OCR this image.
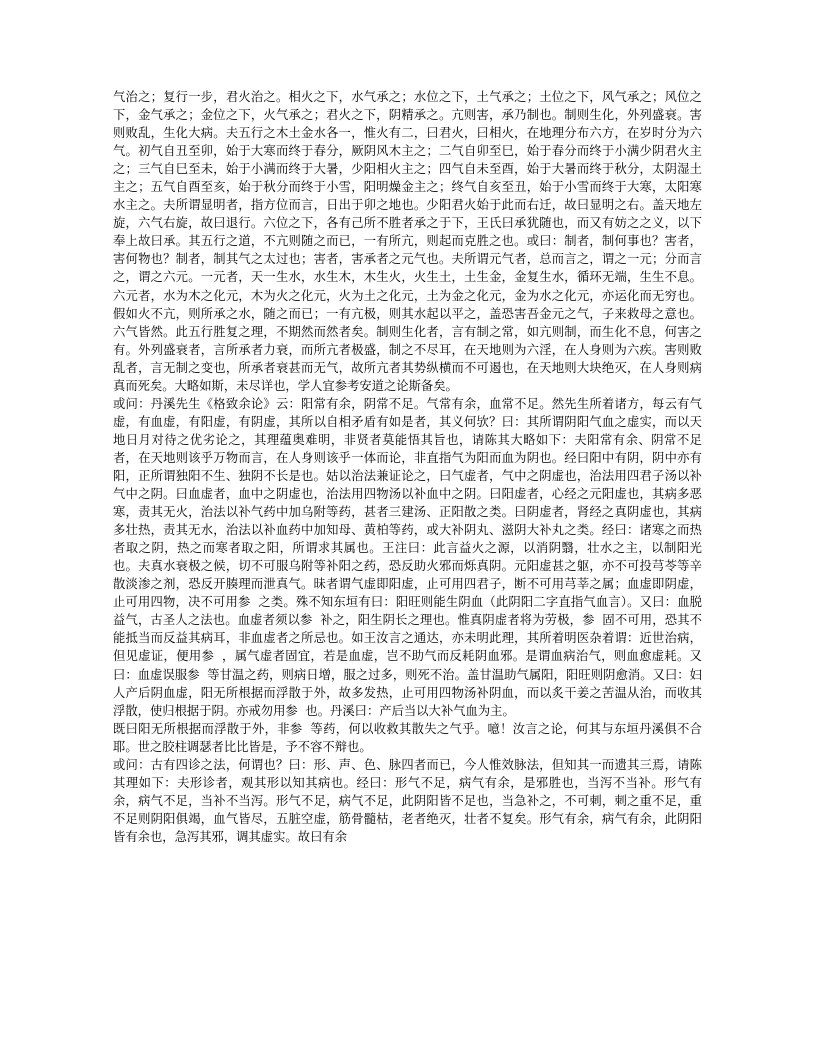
气治之；复行一步，君火治之。相火之下，水气承之；水位之下，土气承之；土位之下，风气承之；风位之下，金气承之；金位之下，火气承之；君火之下，阴精承之。亢则害，承乃制也。制则生化，外列盛衰。害则败乱，生化大病。夫五行之木土金水各一，惟火有二，曰君火，曰相火，在地理分布六方，在岁时分为六气。初气自丑至卯，始于大寒而终于春分，厥阴风木主之；二气自卯至巳，始于春分而终于小满少阴君火主之；三气自巳至未，始于小满而终于大暑，少阳相火主之；四气自未至酉，始于大暑而终于秋分，太阴湿土主之；五气自酉至亥，始于秋分而终于小雪，阳明燥金主之；终气自亥至丑，始于小雪而终于大寒，太阳寒水主之。夫所谓显明者，指方位而言，日出于卯之地也。少阳君火始于此而右迁，故曰显明之右。盖天地左旋，六气右旋，故曰退行。六位之下，各有己所不胜者承之于下，王氏曰承犹随也，而又有妨之之义，以下奉上故曰承。其五行之道，不亢则随之而已，一有所亢，则起而克胜之也。或曰：制者，制何事也？害者，害何物也？制者，制其气之太过也；害者，害承者之元气也。夫所谓元气者，总而言之，谓之一元；分而言之，谓之六元。一元者，天一生水，水生木，木生火，火生土，土生金，金复生水，循环无端，生生不息。六元者，水为木之化元，木为火之化元，火为土之化元，土为金之化元，金为水之化元，亦运化而无穷也。假如火不亢，则所承之水，随之而已；一有亢极，则其水起以平之，盖恐害吾金元之气，子来救母之意也。六气皆然。此五行胜复之理，不期然而然者矣。制则生化者，言有制之常，如亢则制，而生化不息，何害之有。外列盛衰者，言所承者力衰，而所亢者极盛，制之不尽耳，在天地则为六淫，在人身则为六疾。害则败乱者，言无制之变也，所承者衰甚而无气，故所亢者其势纵横而不可遏也，在天地则大块绝灭，在人身则病真而死矣。大略如斯，未尽详也，学人宜参考安道之论斯备矣。

或问：丹溪先生《格致余论》云：阳常有余，阴常不足。气常有余，血常不足。然先生所着诸方，每云有气虚，有血虚，有阳虚，有阴虚，其所以自相矛盾有如是者，其义何欤？曰：其所谓阴阳气血之虚实，而以天地日月对待之优劣论之，其理蕴奥难明，非贤者莫能悟其旨也，请陈其大略如下：夫阳常有余、阴常不足者，在天地则该乎万物而言，在人身则该乎一体而论，非直指气为阳而血为阴也。经曰阳中有阴，阴中亦有阳，正所谓独阳不生、独阴不长是也。姑以治法兼证论之，曰气虚者，气中之阴虚也，治法用四君子汤以补气中之阴。曰血虚者，血中之阴虚也，治法用四物汤以补血中之阴。曰阳虚者，心经之元阳虚也，其病多恶寒，责其无火，治法以补气药中加乌附等药，甚者三建汤、正阳散之类。曰阴虚者，肾经之真阴虚也，其病多壮热，责其无水，治法以补血药中加知母、黄柏等药，或大补阴丸、滋阴大补丸之类。经曰：诸寒之而热者取之阴，热之而寒者取之阳，所谓求其属也。王注曰：此言益火之源，以消阴翳，壮水之主，以制阳光也。夫真水衰极之候，切不可服乌附等补阳之药，恐反助火邪而烁真阴。元阳虚甚之躯，亦不可投芎苓等辛散淡渗之剂，恐反开腠理而泄真气。昧者谓气虚即阳虚，止可用四君子，断不可用芎莘之属；血虚即阴虚，止可用四物，决不可用参 之类。殊不知东垣有曰：阳旺则能生阴血（此阴阳二字直指气血言）。又曰：血脱益气，古圣人之法也。血虚者须以参 补之，阳生阴长之理也。惟真阴虚者将为劳极，参 固不可用，恐其不能抵当而反益其病耳，非血虚者之所忌也。如王汝言之通达，亦未明此理，其所着明医杂着谓：近世治病，但见虚证，便用参 ，属气虚者固宜，若是血虚，岂不助气而反耗阴血邪。是谓血病治气，则血愈虚耗。又曰：血虚误服参 等甘温之药，则病日增，服之过多，则死不治。盖甘温助气属阳，阳旺则阴愈消。又曰：妇人产后阴血虚，阳无所根据而浮散于外，故多发热，止可用四物汤补阴血，而以炙干姜之苦温从治，而收其浮散，使归根据于阴。亦戒勿用参 也。丹溪曰：产后当以大补气血为主。

既曰阳无所根据而浮散于外，非参 等药，何以收救其散失之气乎。噫！汝言之论，何其与东垣丹溪俱不合耶。世之胶柱调瑟者比比皆是，予不容不辩也。

或问：古有四诊之法，何谓也？曰：形、声、色、脉四者而已，今人惟效脉法，但知其一而遗其三焉，请陈其理如下：夫形诊者，观其形以知其病也。经曰：形气不足，病气有余，是邪胜也，当泻不当补。形气有余，病气不足，当补不当泻。形气不足，病气不足，此阴阳皆不足也，当急补之，不可刺，刺之重不足，重不足则阴阳俱竭，血气皆尽，五脏空虚，筋骨髓枯，老者绝灭，壮者不复矣。形气有余，病气有余，此阴阳皆有余也，急泻其邪，调其虚实。故曰有余
